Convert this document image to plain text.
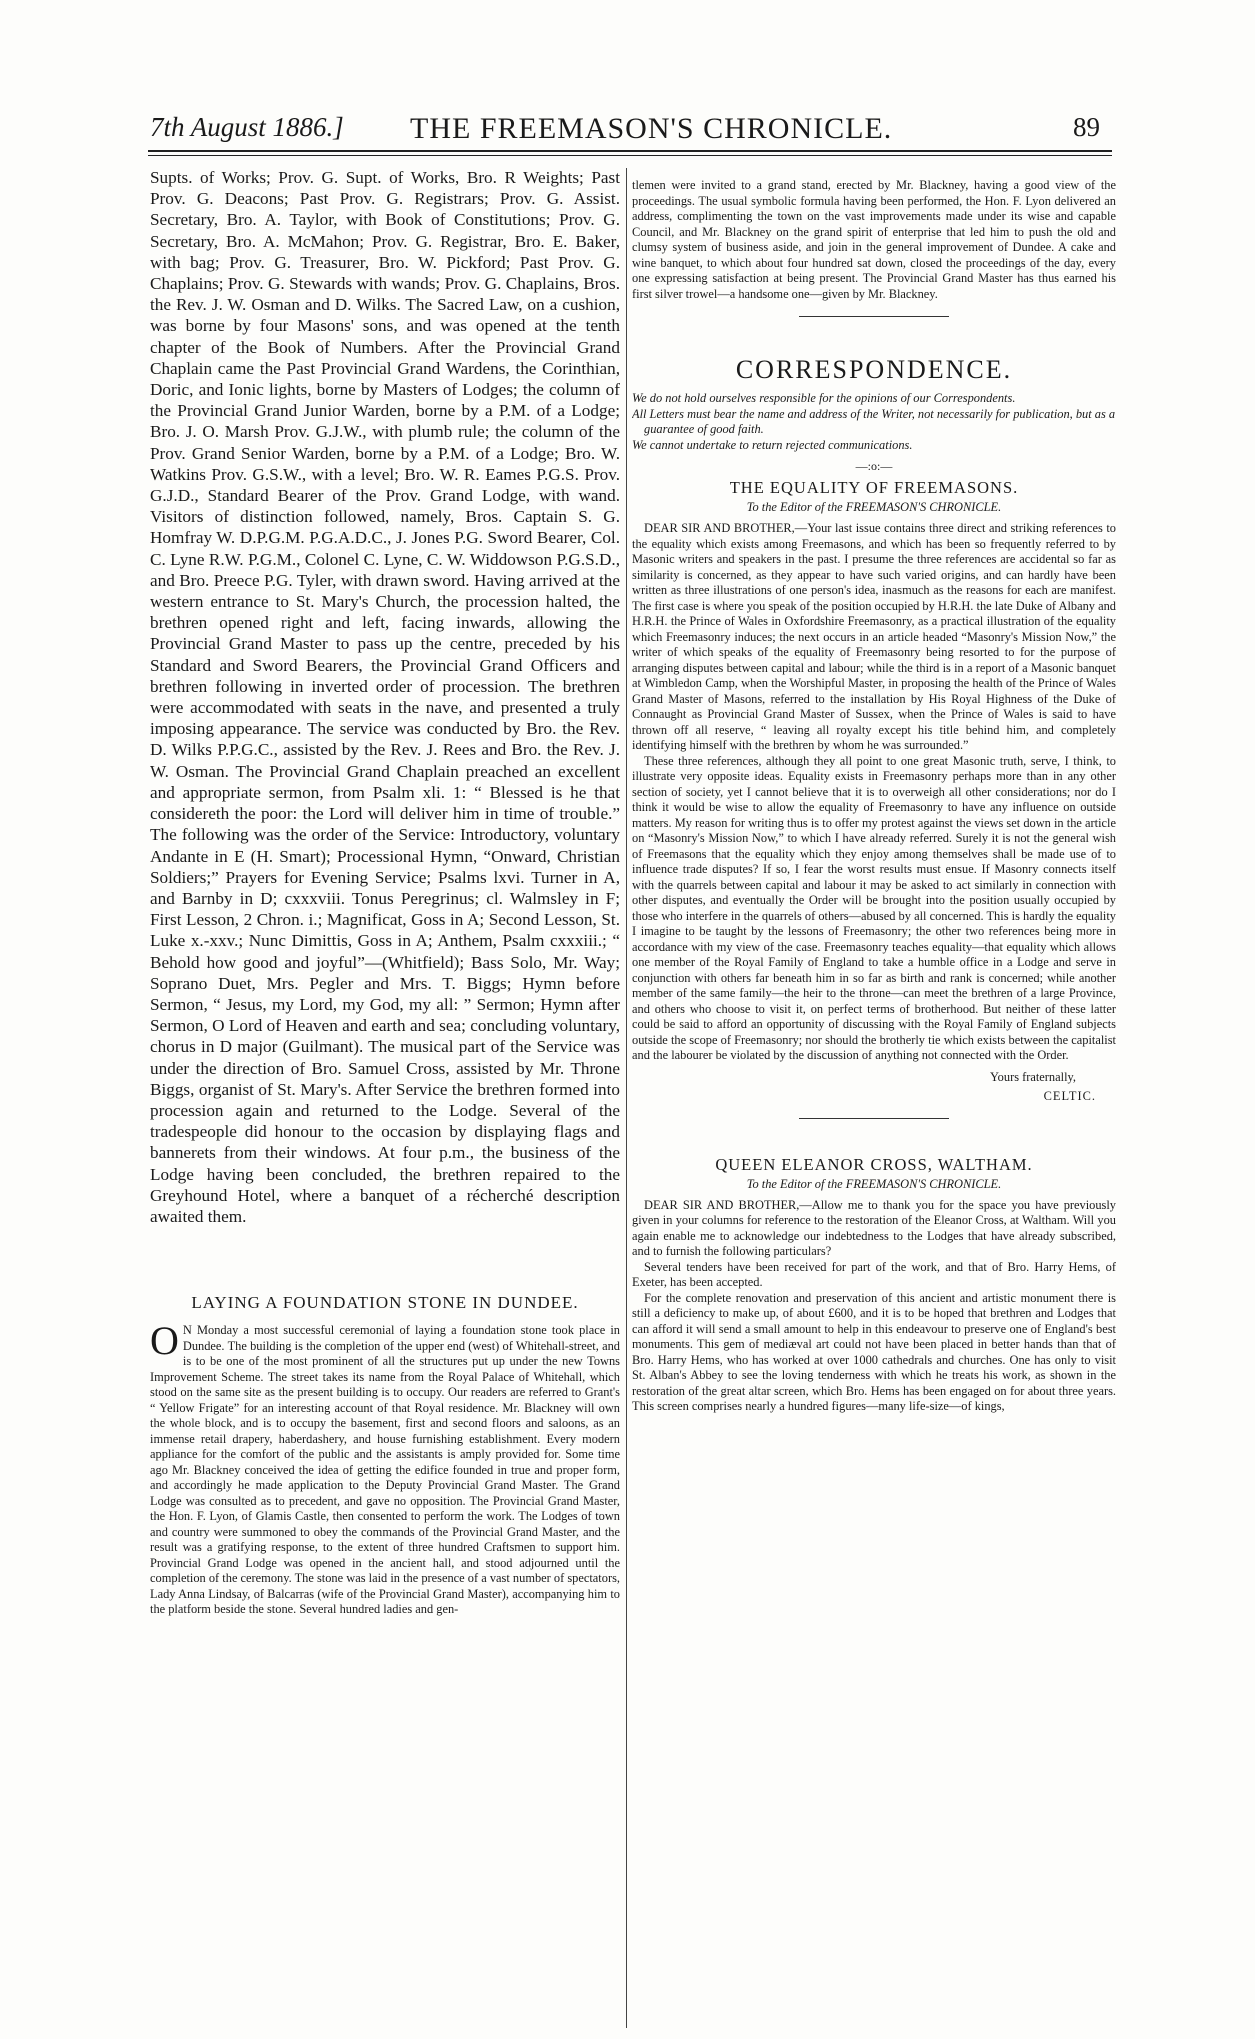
7th August 1886.] THE FREEMASON'S CHRONICLE.	89

Supts. of Works; Prov. G. Supt. of Works, Bro. R Weights; Past Prov. G. Deacons; Past Prov. G. Registrars; Prov. G. Assist. Secretary, Bro. A. Taylor, with Book of Constitutions; Prov. G. Secretary, Bro. A. McMahon; Prov. G. Registrar, Bro. E. Baker, with bag; Prov. G. Treasurer, Bro. W. Pickford; Past Prov. G. Chaplains; Prov. G. Stewards with wands; Prov. G. Chaplains, Bros. the Rev. J. W. Osman and D. Wilks. The Sacred Law, on a cushion, was borne by four Masons' sons, and was opened at the tenth chapter of the Book of Numbers. After the Provincial Grand Chaplain came the Past Provincial Grand Wardens, the Corinthian, Doric, and Ionic lights, borne by Masters of Lodges; the column of the Provincial Grand Junior Warden, borne by a P.M. of a Lodge; Bro. J. O. Marsh Prov. G.J.W., with plumb rule; the column of the Prov. Grand Senior Warden, borne by a P.M. of a Lodge; Bro. W. Watkins Prov. G.S.W., with a level; Bro. W. R. Eames P.G.S. Prov. G.J.D., Standard Bearer of the Prov. Grand Lodge, with wand. Visitors of distinction followed, namely, Bros. Captain S. G. Homfray W. D.P.G.M. P.G.A.D.C., J. Jones P.G. Sword Bearer, Col. C. Lyne R.W. P.G.M., Colonel C. Lyne, C. W. Widdowson P.G.S.D., and Bro. Preece P.G. Tyler, with drawn sword. Having arrived at the western entrance to St. Mary's Church, the procession halted, the brethren opened right and left, facing inwards, allowing the Provincial Grand Master to pass up the centre, preceded by his Standard and Sword Bearers, the Provincial Grand Officers and brethren following in inverted order of procession. The brethren were accommodated with seats in the nave, and presented a truly imposing appearance. The service was conducted by Bro. the Rev. D. Wilks P.P.G.C., assisted by the Rev. J. Rees and Bro. the Rev. J. W. Osman. The Provincial Grand Chaplain preached an excellent and appropriate sermon, from Psalm xli. 1: “ Blessed is he that considereth the poor: the Lord will deliver him in time of trouble.” The following was the order of the Service: Introductory, voluntary Andante in E (H. Smart); Processional Hymn, “Onward, Christian Soldiers;” Prayers for Evening Service; Psalms lxvi. Turner in A, and Barnby in D; cxxxviii. Tonus Peregrinus; cl. Walmsley in F; First Lesson, 2 Chron. i.; Magnificat, Goss in A; Second Lesson, St. Luke x.-xxv.; Nunc Dimittis, Goss in A; Anthem, Psalm cxxxiii.; “ Behold how good and joyful”—(Whitfield); Bass Solo, Mr. Way; Soprano Duet, Mrs. Pegler and Mrs. T. Biggs; Hymn before Sermon, “ Jesus, my Lord, my God, my all: ” Sermon; Hymn after Sermon, O Lord of Heaven and earth and sea; concluding voluntary, chorus in D major (Guilmant). The musical part of the Service was under the direction of Bro. Samuel Cross, assisted by Mr. Throne Biggs, organist of St. Mary's. After Service the brethren formed into procession again and returned to the Lodge. Several of the tradespeople did honour to the occasion by displaying flags and bannerets from their windows. At four p.m., the business of the Lodge having been concluded, the brethren repaired to the Greyhound Hotel, where a banquet of a récherché description awaited them.

LAYING A FOUNDATION STONE IN DUNDEE.

O N Monday a most successful ceremonial of laying a foundation stone took place in Dundee. The building is the completion of the upper end (west) of Whitehall-street, and is to be one of the most prominent of all the structures put up under the new Towns Improvement Scheme. The street takes its name from the Royal Palace of Whitehall, which stood on the same site as the present building is to occupy. Our readers are referred to Grant's “ Yellow Frigate” for an interesting account of that Royal residence. Mr. Blackney will own the whole block, and is to occupy the basement, first and second floors and saloons, as an immense retail drapery, haberdashery, and house furnishing establishment. Every modern appliance for the comfort of the public and the assistants is amply provided for. Some time ago Mr. Blackney conceived the idea of getting the edifice founded in true and proper form, and accordingly he made application to the Deputy Provincial Grand Master. The Grand Lodge was consulted as to precedent, and gave no opposition. The Provincial Grand Master, the Hon. F. Lyon, of Glamis Castle, then consented to perform the work. The Lodges of town and country were summoned to obey the commands of the Provincial Grand Master, and the result was a gratifying response, to the extent of three hundred Craftsmen to support him. Provincial Grand Lodge was opened in the ancient hall, and stood adjourned until the completion of the ceremony. The stone was laid in the presence of a vast number of spectators, Lady Anna Lindsay, of Balcarras (wife of the Provincial Grand Master), accompanying him to the platform beside the stone. Several hundred ladies and gen-

tlemen were invited to a grand stand, erected by Mr. Blackney, having a good view of the proceedings. The usual symbolic formula having been performed, the Hon. F. Lyon delivered an address, complimenting the town on the vast improvements made under its wise and capable Council, and Mr. Blackney on the grand spirit of enterprise that led him to push the old and clumsy system of business aside, and join in the general improvement of Dundee. A cake and wine banquet, to which about four hundred sat down, closed the proceedings of the day, every one expressing satisfaction at being present. The Provincial Grand Master has thus earned his first silver trowel—a handsome one—given by Mr. Blackney.

CORRESPONDENCE.

We do not hold ourselves responsible for the opinions of our Correspondents.

All Letters must bear the name and address of the Writer, not necessarily for publication, but as a guarantee of good faith.

We cannot undertake to return rejected communications.

—:o:—
THE EQUALITY OF FREEMASONS.

To the Editor of the FREEMASON'S CHRONICLE.

DEAR SIR AND BROTHER,—Your last issue contains three direct and striking references to the equality which exists among Freemasons, and which has been so frequently referred to by Masonic writers and speakers in the past. I presume the three references are accidental so far as similarity is concerned, as they appear to have such varied origins, and can hardly have been written as three illustrations of one person's idea, inasmuch as the reasons for each are manifest. The first case is where you speak of the position occupied by H.R.H. the late Duke of Albany and H.R.H. the Prince of Wales in Oxfordshire Freemasonry, as a practical illustration of the equality which Freemasonry induces; the next occurs in an article headed “Masonry's Mission Now,” the writer of which speaks of the equality of Freemasonry being resorted to for the purpose of arranging disputes between capital and labour; while the third is in a report of a Masonic banquet at Wimbledon Camp, when the Worshipful Master, in proposing the health of the Prince of Wales Grand Master of Masons, referred to the installation by His Royal Highness of the Duke of Connaught as Provincial Grand Master of Sussex, when the Prince of Wales is said to have thrown off all reserve, “ leaving all royalty except his title behind him, and completely identifying himself with the brethren by whom he was surrounded.”

These three references, although they all point to one great Masonic truth, serve, I think, to illustrate very opposite ideas. Equality exists in Freemasonry perhaps more than in any other section of society, yet I cannot believe that it is to overweigh all other considerations; nor do I think it would be wise to allow the equality of Freemasonry to have any influence on outside matters. My reason for writing thus is to offer my protest against the views set down in the article on “Masonry's Mission Now,” to which I have already referred. Surely it is not the general wish of Freemasons that the equality which they enjoy among themselves shall be made use of to influence trade disputes? If so, I fear the worst results must ensue. If Masonry connects itself with the quarrels between capital and labour it may be asked to act similarly in connection with other disputes, and eventually the Order will be brought into the position usually occupied by those who interfere in the quarrels of others—abused by all concerned. This is hardly the equality I imagine to be taught by the lessons of Freemasonry; the other two references being more in accordance with my view of the case. Freemasonry teaches equality—that equality which allows one member of the Royal Family of England to take a humble office in a Lodge and serve in conjunction with others far beneath him in so far as birth and rank is concerned; while another member of the same family—the heir to the throne—can meet the brethren of a large Province, and others who choose to visit it, on perfect terms of brotherhood. But neither of these latter could be said to afford an opportunity of discussing with the Royal Family of England subjects outside the scope of Freemasonry; nor should the brotherly tie which exists between the capitalist and the labourer be violated by the discussion of anything not connected with the Order.

Yours fraternally,

CELTIC.

QUEEN ELEANOR CROSS, WALTHAM.

To the Editor of the FREEMASON'S CHRONICLE.

DEAR SIR AND BROTHER,—Allow me to thank you for the space you have previously given in your columns for reference to the restoration of the Eleanor Cross, at Waltham. Will you again enable me to acknowledge our indebtedness to the Lodges that have already subscribed, and to furnish the following particulars?

Several tenders have been received for part of the work, and that of Bro. Harry Hems, of Exeter, has been accepted.

For the complete renovation and preservation of this ancient and artistic monument there is still a deficiency to make up, of about £600, and it is to be hoped that brethren and Lodges that can afford it will send a small amount to help in this endeavour to preserve one of England's best monuments. This gem of mediæval art could not have been placed in better hands than that of Bro. Harry Hems, who has worked at over 1000 cathedrals and churches. One has only to visit St. Alban's Abbey to see the loving tenderness with which he treats his work, as shown in the restoration of the great altar screen, which Bro. Hems has been engaged on for about three years. This screen comprises nearly a hundred figures—many life-size—of kings,
